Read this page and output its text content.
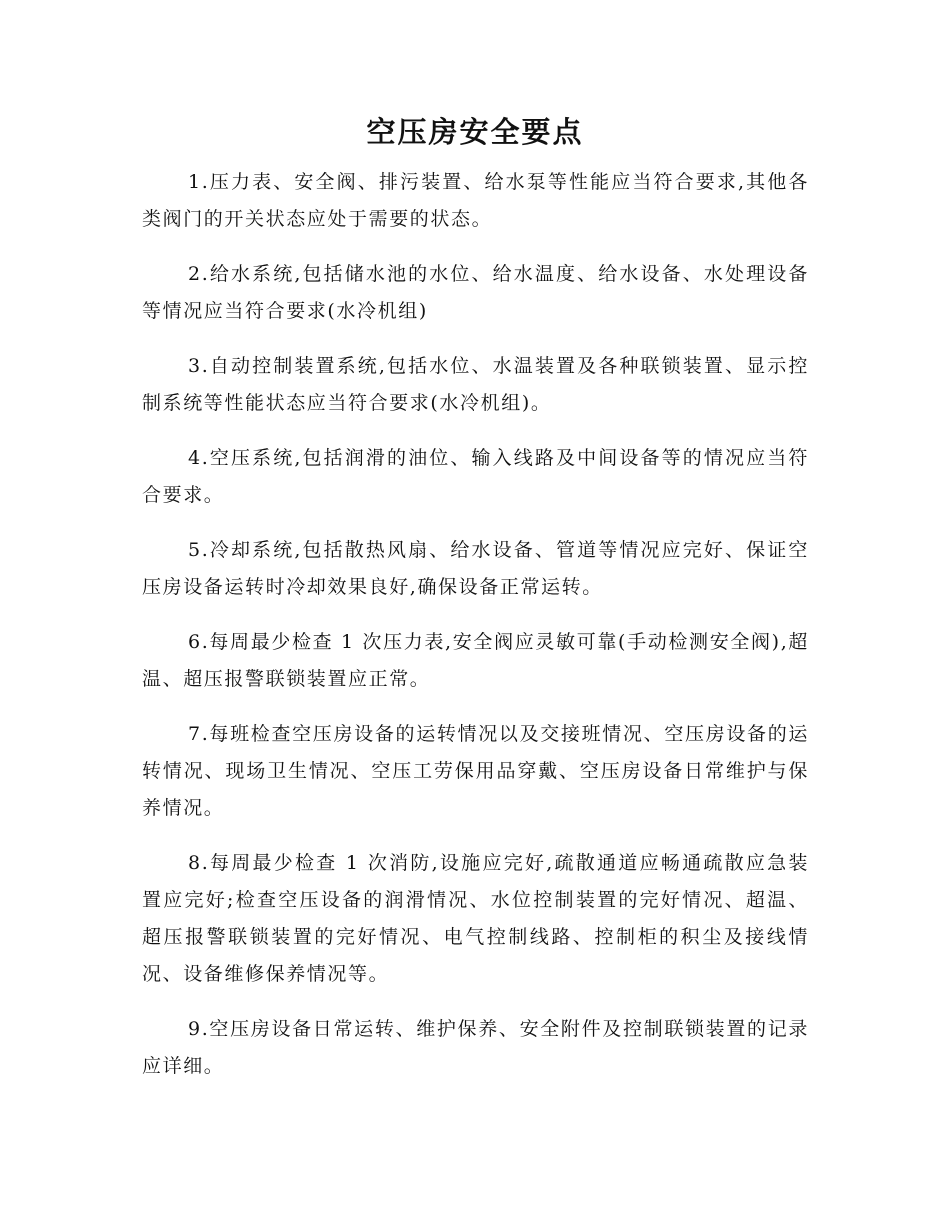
空压房安全要点

1.压力表、安全阀、排污装置、给水泵等性能应当符合要求,其他各类阀门的开关状态应处于需要的状态。

2.给水系统,包括储水池的水位、给水温度、给水设备、水处理设备等情况应当符合要求(水冷机组)

3.自动控制装置系统,包括水位、水温装置及各种联锁装置、显示控制系统等性能状态应当符合要求(水冷机组)。

4.空压系统,包括润滑的油位、输入线路及中间设备等的情况应当符合要求。

5.冷却系统,包括散热风扇、给水设备、管道等情况应完好、保证空压房设备运转时冷却效果良好,确保设备正常运转。

6.每周最少检查 1 次压力表,安全阀应灵敏可靠(手动检测安全阀),超温、超压报警联锁装置应正常。

7.每班检查空压房设备的运转情况以及交接班情况、空压房设备的运转情况、现场卫生情况、空压工劳保用品穿戴、空压房设备日常维护与保养情况。

8.每周最少检查 1 次消防,设施应完好,疏散通道应畅通疏散应急装置应完好;检查空压设备的润滑情况、水位控制装置的完好情况、超温、超压报警联锁装置的完好情况、电气控制线路、控制柜的积尘及接线情况、设备维修保养情况等。

9.空压房设备日常运转、维护保养、安全附件及控制联锁装置的记录应详细。
